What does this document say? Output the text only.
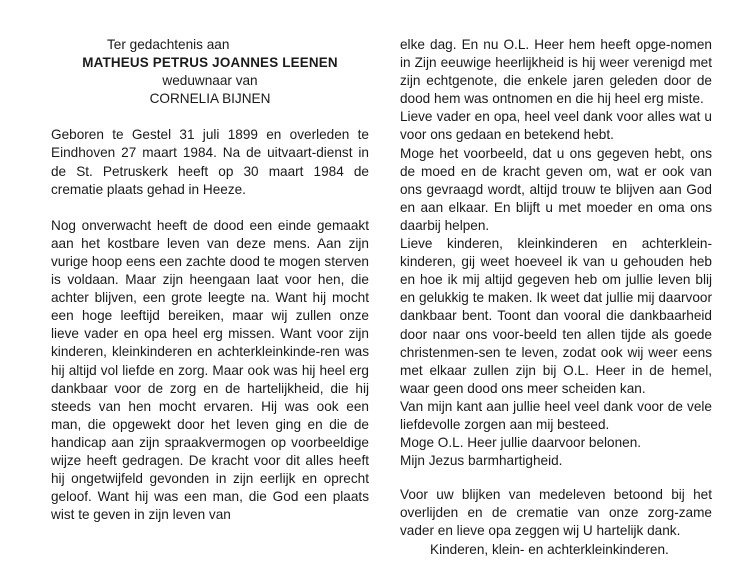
Ter gedachtenis aan

MATHEUS PETRUS JOANNES LEENEN

weduwnaar van

CORNELIA BIJNEN

Geboren te Gestel 31 juli 1899 en overleden te Eindhoven 27 maart 1984. Na de uitvaart-dienst in de St. Petruskerk heeft op 30 maart 1984 de crematie plaats gehad in Heeze.

Nog onverwacht heeft de dood een einde gemaakt aan het kostbare leven van deze mens. Aan zijn vurige hoop eens een zachte dood te mogen sterven is voldaan. Maar zijn heengaan laat voor hen, die achter blijven, een grote leegte na. Want hij mocht een hoge leeftijd bereiken, maar wij zullen onze lieve vader en opa heel erg missen. Want voor zijn kinderen, kleinkinderen en achterkleinkinde-ren was hij altijd vol liefde en zorg. Maar ook was hij heel erg dankbaar voor de zorg en de hartelijkheid, die hij steeds van hen mocht ervaren. Hij was ook een man, die opgewekt door het leven ging en die de handicap aan zijn spraakvermogen op voorbeeldige wijze heeft gedragen. De kracht voor dit alles heeft hij ongetwijfeld gevonden in zijn eerlijk en oprecht geloof. Want hij was een man, die God een plaats wist te geven in zijn leven van

elke dag. En nu O.L. Heer hem heeft opge-nomen in Zijn eeuwige heerlijkheid is hij weer verenigd met zijn echtgenote, die enkele jaren geleden door de dood hem was ontnomen en die hij heel erg miste.

Lieve vader en opa, heel veel dank voor alles wat u voor ons gedaan en betekend hebt.

Moge het voorbeeld, dat u ons gegeven hebt, ons de moed en de kracht geven om, wat er ook van ons gevraagd wordt, altijd trouw te blijven aan God en aan elkaar. En blijft u met moeder en oma ons daarbij helpen.

Lieve kinderen, kleinkinderen en achterklein-kinderen, gij weet hoeveel ik van u gehouden heb en hoe ik mij altijd gegeven heb om jullie leven blij en gelukkig te maken. Ik weet dat jullie mij daarvoor dankbaar bent. Toont dan vooral die dankbaarheid door naar ons voor-beeld ten allen tijde als goede christenmen-sen te leven, zodat ook wij weer eens met elkaar zullen zijn bij O.L. Heer in de hemel, waar geen dood ons meer scheiden kan.

Van mijn kant aan jullie heel veel dank voor de vele liefdevolle zorgen aan mij besteed.

Moge O.L. Heer jullie daarvoor belonen.

Mijn Jezus barmhartigheid.

Voor uw blijken van medeleven betoond bij het overlijden en de crematie van onze zorg-zame vader en lieve opa zeggen wij U hartelijk dank.

Kinderen, klein- en achterkleinkinderen.
